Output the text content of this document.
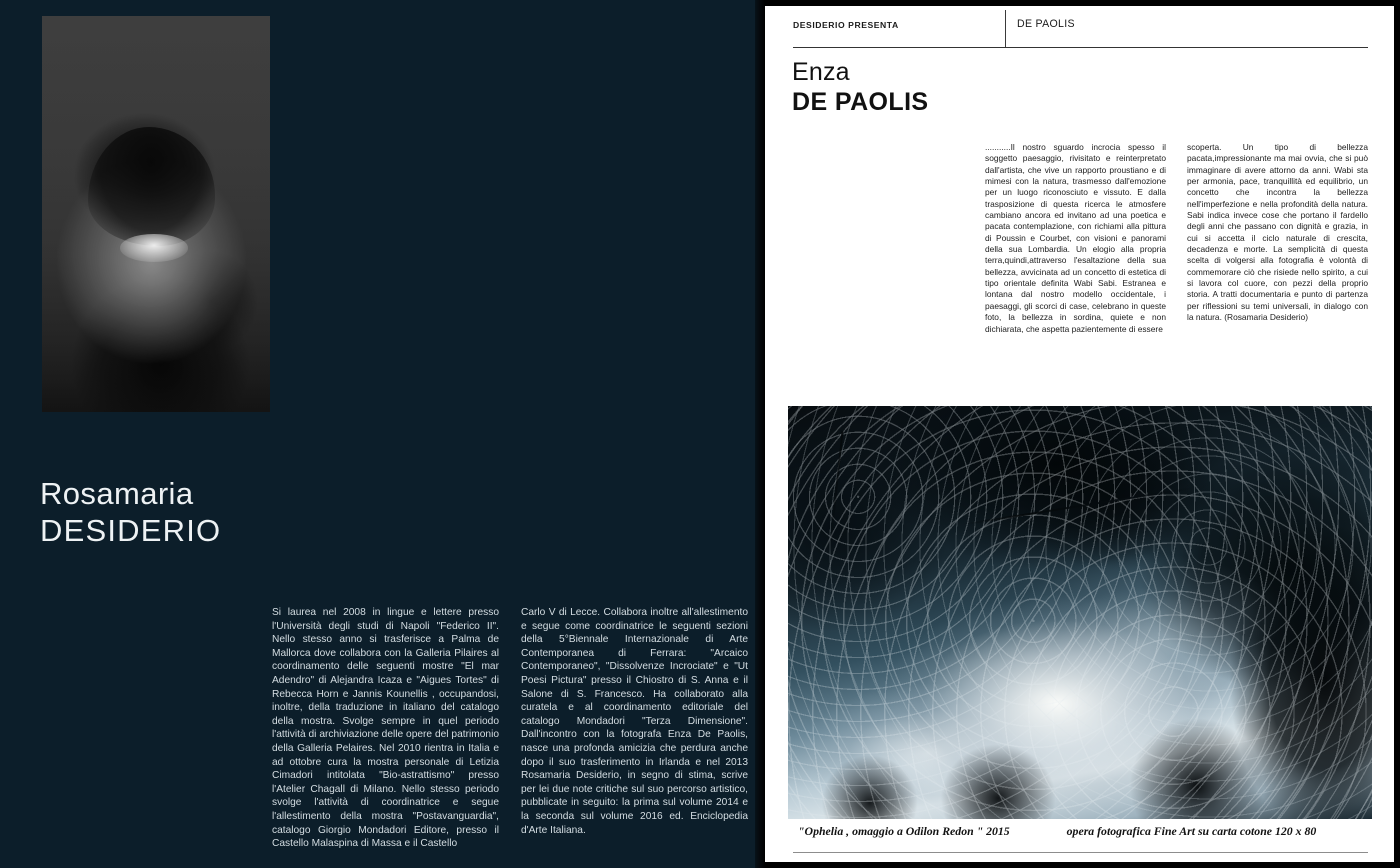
Rosamaria
DESIDERIO
Si laurea nel 2008 in lingue e lettere presso l'Università degli studi di Napoli "Federico II". Nello stesso anno si trasferisce a Palma de Mallorca dove collabora con la Galleria Pilaires al coordinamento delle seguenti mostre "El mar Adendro" di Alejandra Icaza e "Aigues Tortes" di Rebecca Horn e Jannis Kounellis , occupandosi, inoltre, della traduzione in italiano del catalogo della mostra. Svolge sempre in quel periodo l'attività di archiviazione delle opere del patrimonio della Galleria Pelaires. Nel 2010 rientra in Italia e ad ottobre cura la mostra personale di Letizia Cimadori intitolata "Bio-astrattismo" presso l'Atelier Chagall di Milano. Nello stesso periodo svolge l'attività di coordinatrice e segue l'allestimento della mostra "Postavanguardia", catalogo Giorgio Mondadori Editore, presso il Castello Malaspina di Massa e il Castello
Carlo V di Lecce. Collabora inoltre all'allestimento e segue come coordinatrice le seguenti sezioni della 5°Biennale Internazionale di Arte Contemporanea di Ferrara: "Arcaico Contemporaneo", "Dissolvenze Incrociate" e "Ut Poesi Pictura" presso il Chiostro di S. Anna e il Salone di S. Francesco. Ha collaborato alla curatela e al coordinamento editoriale del catalogo Mondadori "Terza Dimensione". Dall'incontro con la fotografa Enza De Paolis, nasce una profonda amicizia che perdura anche dopo il suo trasferimento in Irlanda e nel 2013 Rosamaria Desiderio, in segno di stima, scrive per lei due note critiche sul suo percorso artistico, pubblicate in seguito: la prima sul volume 2014 e la seconda sul volume 2016 ed. Enciclopedia d'Arte Italiana.
DESIDERIO PRESENTA	DE PAOLIS
Enza
DE PAOLIS
...........Il nostro sguardo incrocia spesso il soggetto paesaggio, rivisitato e reinterpretato dall'artista, che vive un rapporto proustiano e di mimesi con la natura, trasmesso dall'emozione per un luogo riconosciuto e vissuto. E dalla trasposizione di questa ricerca le atmosfere cambiano ancora ed invitano ad una poetica e pacata contemplazione, con richiami alla pittura di Poussin e Courbet, con visioni e panorami della sua Lombardia. Un elogio alla propria terra,quindi,attraverso l'esaltazione della sua bellezza, avvicinata ad un concetto di estetica di tipo orientale definita Wabi Sabi. Estranea e lontana dal nostro modello occidentale, i paesaggi, gli scorci di case, celebrano in queste foto, la bellezza in sordina, quiete e non dichiarata, che aspetta pazientemente di essere
scoperta. Un tipo di bellezza pacata,impressionante ma mai ovvia, che si può immaginare di avere attorno da anni. Wabi sta per armonia, pace, tranquillità ed equilibrio, un concetto che incontra la bellezza nell'imperfezione e nella profondità della natura. Sabi indica invece cose che portano il fardello degli anni che passano con dignità e grazia, in cui si accetta il ciclo naturale di crescita, decadenza e morte. La semplicità di questa scelta di volgersi alla fotografia è volontà di commemorare ciò che risiede nello spirito, a cui si lavora col cuore, con pezzi della proprio storia. A tratti documentaria e punto di partenza per riflessioni su temi universali, in dialogo con la natura. (Rosamaria Desiderio)
"Ophelia , omaggio a Odilon Redon " 2015	opera fotografica Fine Art su carta cotone 120 x 80
